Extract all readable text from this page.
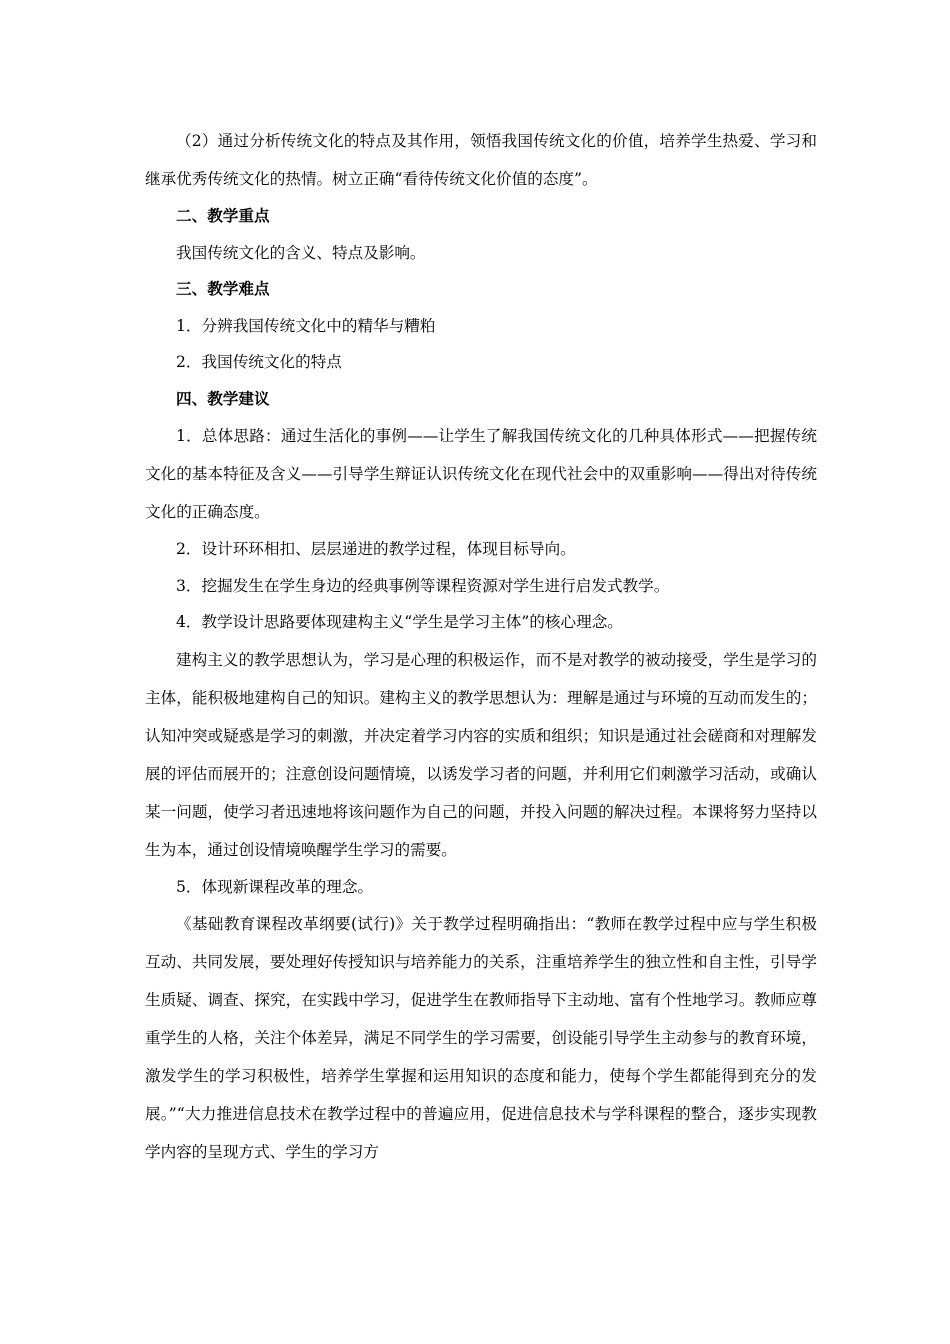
（2）通过分析传统文化的特点及其作用，领悟我国传统文化的价值，培养学生热爱、学习和继承优秀传统文化的热情。树立正确“看待传统文化价值的态度”。

二、教学重点

我国传统文化的含义、特点及影响。

三、教学难点

1．分辨我国传统文化中的精华与糟粕

2．我国传统文化的特点

四、教学建议

1．总体思路：通过生活化的事例——让学生了解我国传统文化的几种具体形式——把握传统文化的基本特征及含义——引导学生辩证认识传统文化在现代社会中的双重影响——得出对待传统文化的正确态度。

2．设计环环相扣、层层递进的教学过程，体现目标导向。

3．挖掘发生在学生身边的经典事例等课程资源对学生进行启发式教学。

4．教学设计思路要体现建构主义“学生是学习主体”的核心理念。

建构主义的教学思想认为，学习是心理的积极运作，而不是对教学的被动接受，学生是学习的主体，能积极地建构自己的知识。建构主义的教学思想认为：理解是通过与环境的互动而发生的；认知冲突或疑惑是学习的刺激，并决定着学习内容的实质和组织；知识是通过社会磋商和对理解发展的评估而展开的；注意创设问题情境，以诱发学习者的问题，并利用它们刺激学习活动，或确认某一问题，使学习者迅速地将该问题作为自己的问题，并投入问题的解决过程。本课将努力坚持以生为本，通过创设情境唤醒学生学习的需要。

5．体现新课程改革的理念。

《基础教育课程改革纲要(试行)》关于教学过程明确指出：“教师在教学过程中应与学生积极互动、共同发展，要处理好传授知识与培养能力的关系，注重培养学生的独立性和自主性，引导学生质疑、调查、探究，在实践中学习，促进学生在教师指导下主动地、富有个性地学习。教师应尊重学生的人格，关注个体差异，满足不同学生的学习需要，创设能引导学生主动参与的教育环境，激发学生的学习积极性，培养学生掌握和运用知识的态度和能力，使每个学生都能得到充分的发展。”“大力推进信息技术在教学过程中的普遍应用，促进信息技术与学科课程的整合，逐步实现教学内容的呈现方式、学生的学习方
